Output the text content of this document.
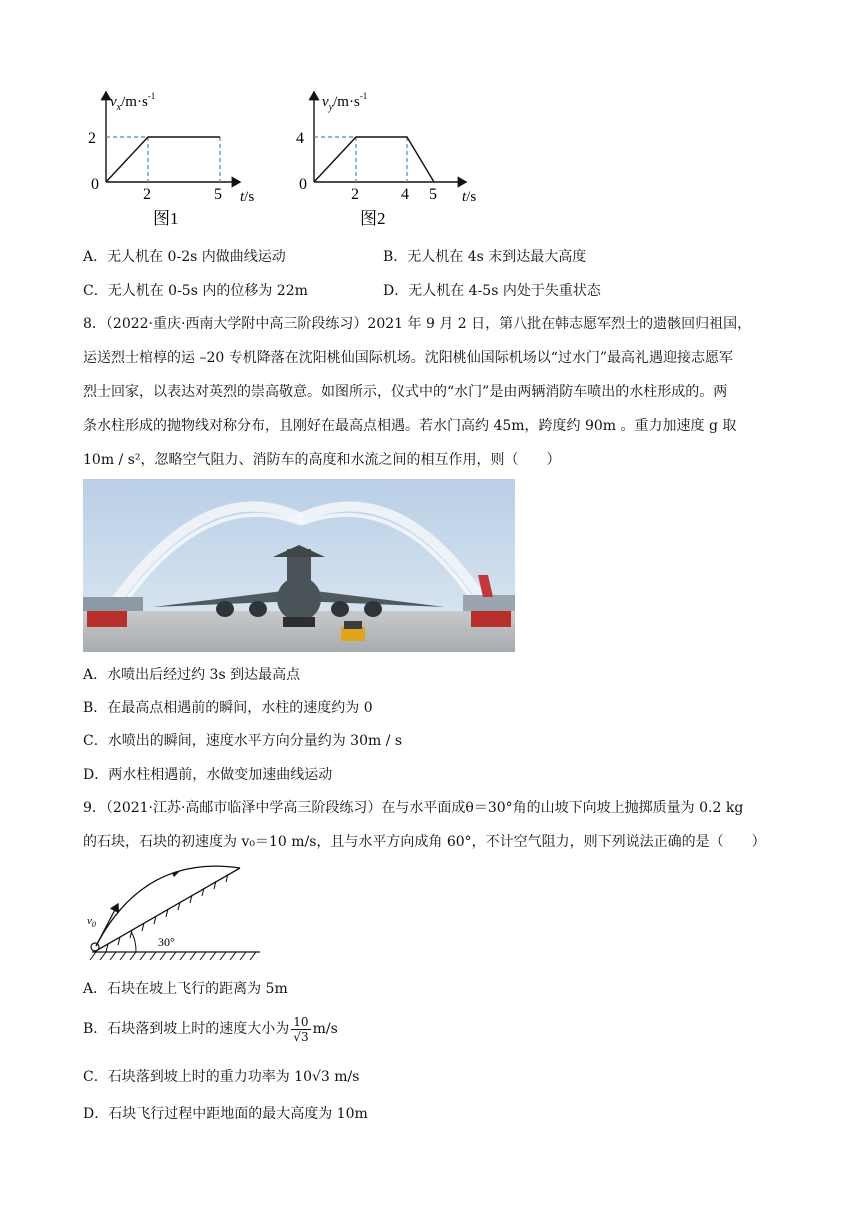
$v_x/m\cdot s^{-1}$
2
0
2	5 t/s
图1
$v_y/m\cdot s^{-1}$
4
0
2	4 5 t/s
图2
A．无人机在 0-2s 内做曲线运动	B．无人机在 4s 末到达最大高度
C．无人机在 0-5s 内的位移为 22m	D．无人机在 4-5s 内处于失重状态
8．（2022·重庆·西南大学附中高三阶段练习）2021 年 9 月 2 日，第八批在韩志愿军烈士的遗骸回归祖国，
运送烈士棺椁的运 –20 专机降落在沈阳桃仙国际机场。沈阳桃仙国际机场以“过水门”最高礼遇迎接志愿军
烈士回家，以表达对英烈的崇高敬意。如图所示，仪式中的“水门”是由两辆消防车喷出的水柱形成的。两
条水柱形成的抛物线对称分布，且刚好在最高点相遇。若水门高约 45m，跨度约 90m 。重力加速度 g 取
10m / s²，忽略空气阻力、消防车的高度和水流之间的相互作用，则（　　）
A．水喷出后经过约 3s 到达最高点
B．在最高点相遇前的瞬间，水柱的速度约为 0
C．水喷出的瞬间，速度水平方向分量约为 30m / s
D．两水柱相遇前，水做变加速曲线运动
9．（2021·江苏·高邮市临泽中学高三阶段练习）在与水平面成θ＝30°角的山坡下向坡上抛掷质量为 0.2 kg
的石块，石块的初速度为 v₀＝10 m/s，且与水平方向成角 60°，不计空气阻力，则下列说法正确的是（　　）
30°
$v_0$
A．石块在坡上飞行的距离为 5m
B．石块落到坡上时的速度大小为 $\frac{10}{√3} m/s$
C．石块落到坡上时的重力功率为 10√3 m/s
D．石块飞行过程中距地面的最大高度为 10m
